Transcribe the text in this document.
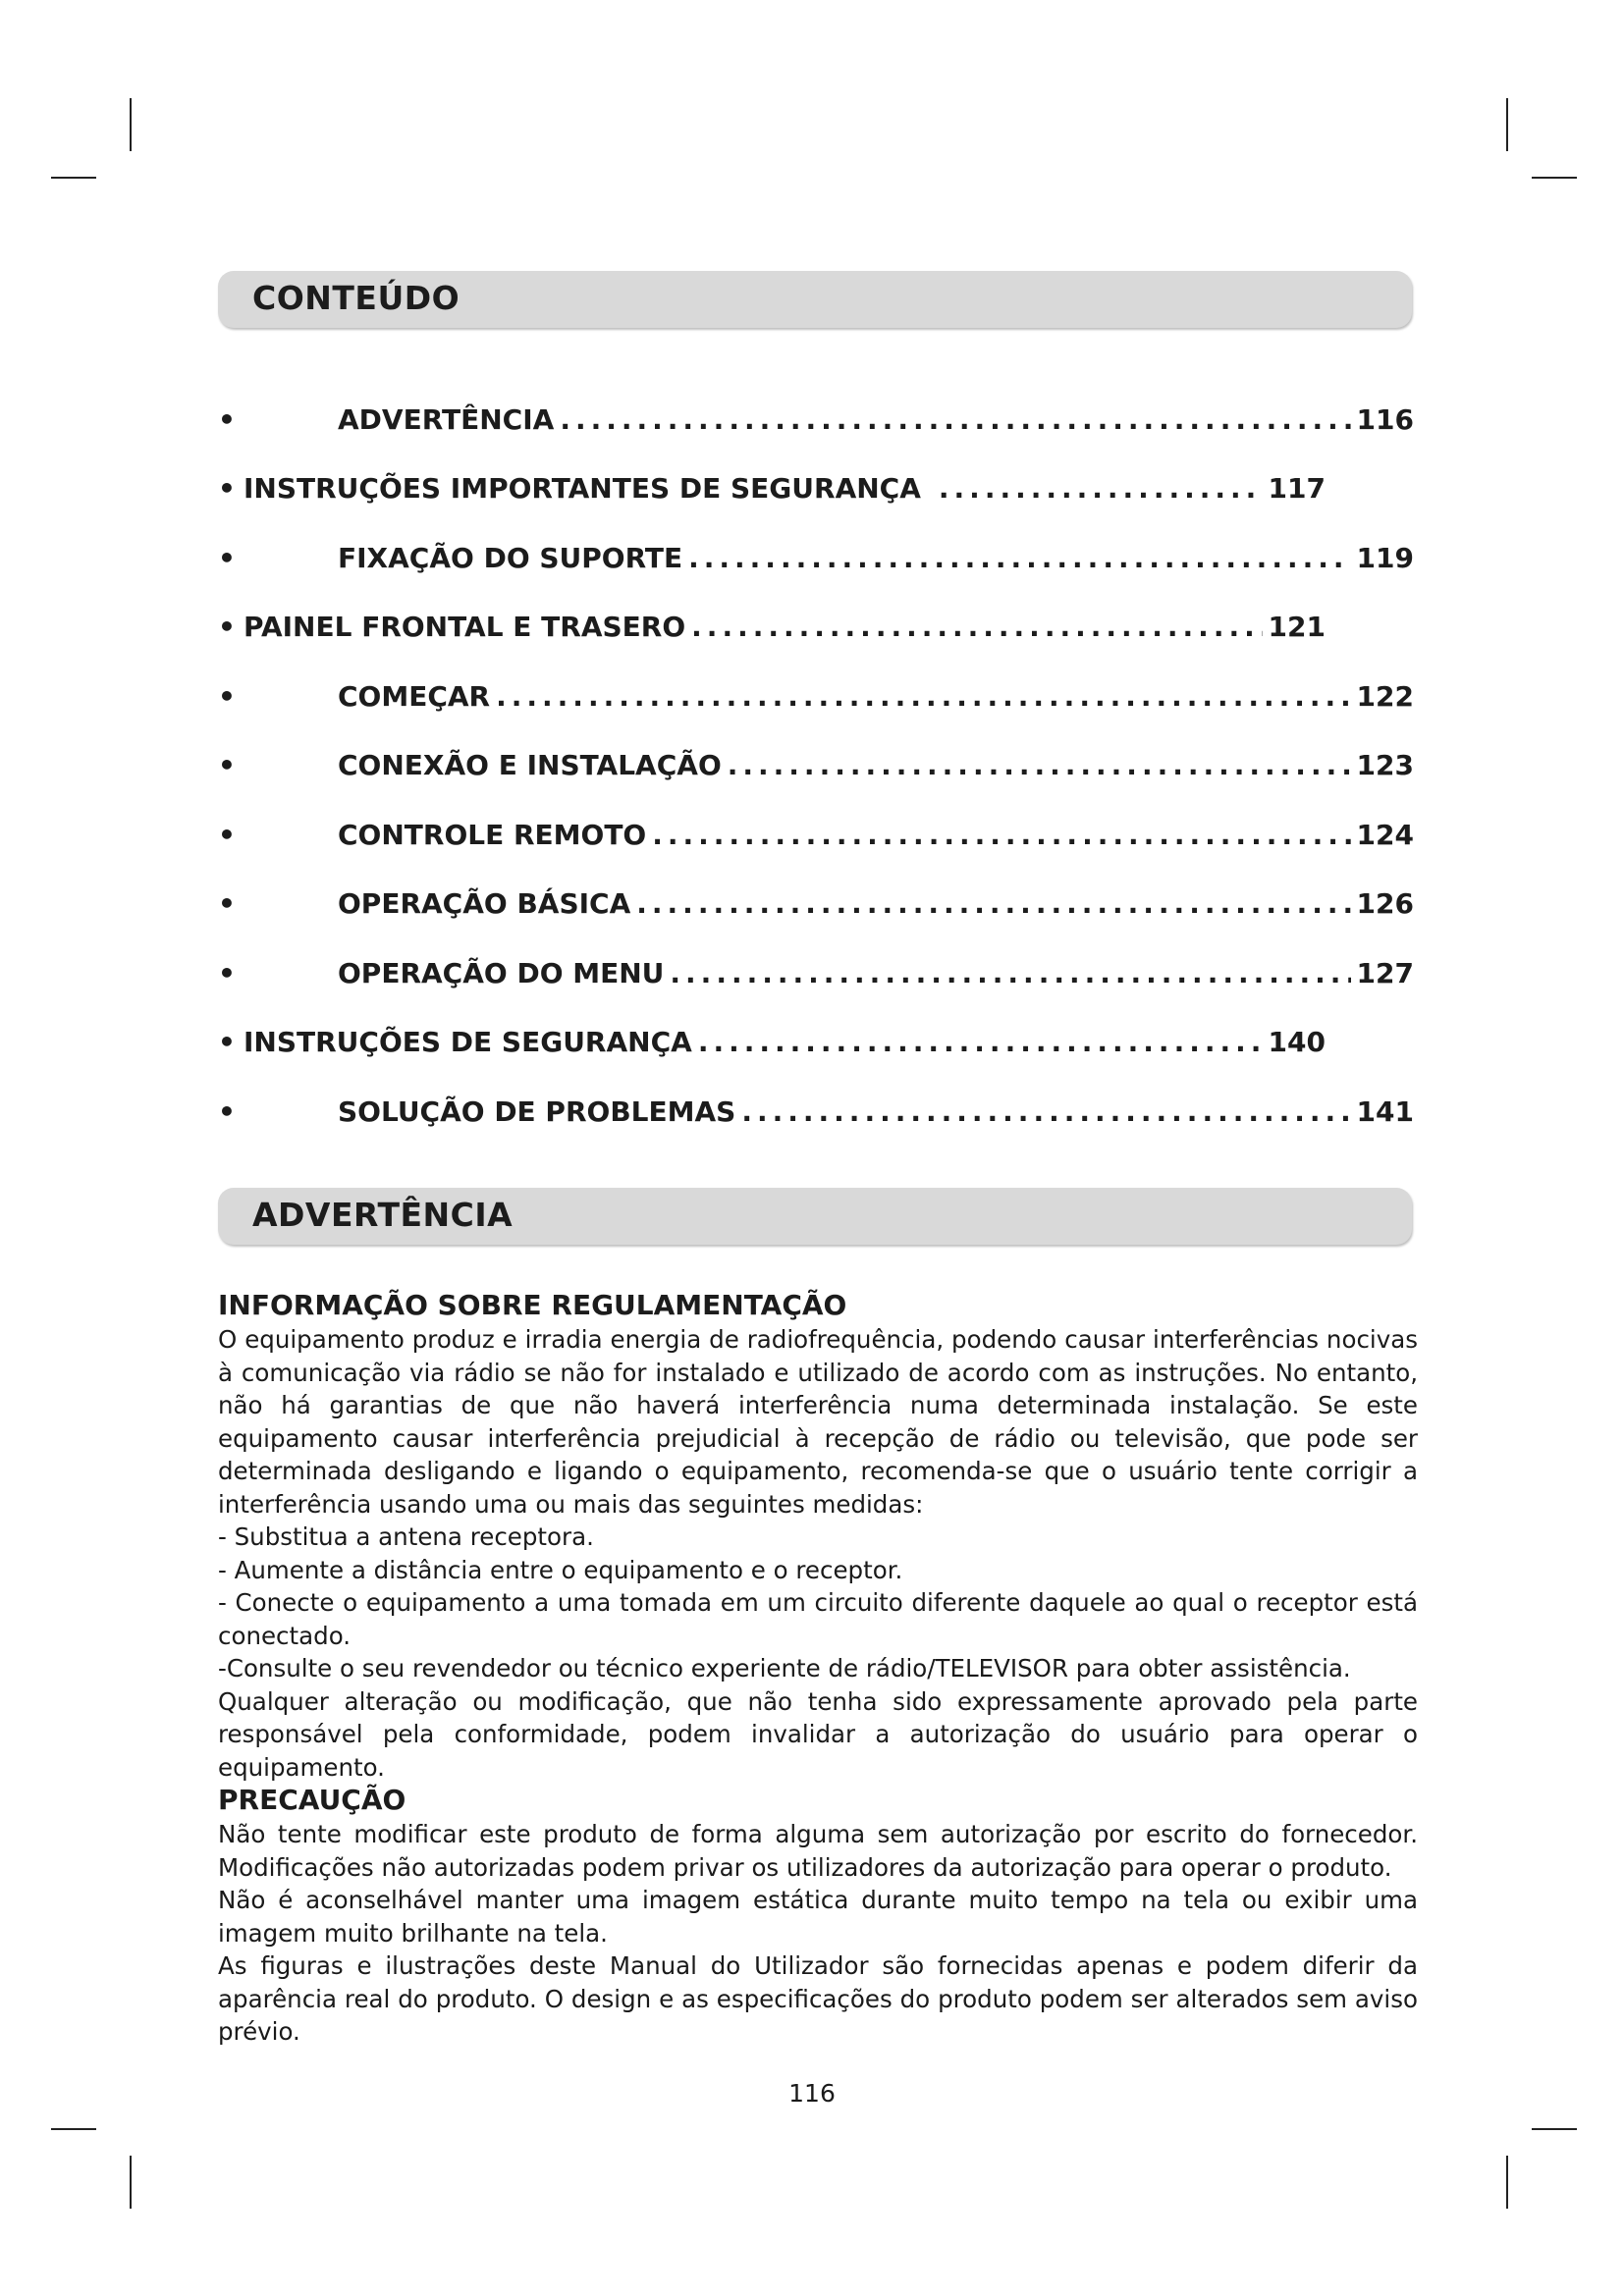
CONTEÚDO
•	ADVERTÊNCIA .....	116
• INSTRUÇÕES IMPORTANTES DE SEGURANÇA .....	117
•	FIXAÇÃO DO SUPORTE .....	119
• PAINEL FRONTAL E TRASERO .....	121
•	COMEÇAR .....	122
•	CONEXÃO E INSTALAÇÃO .....	123
•	CONTROLE REMOTO .....	124
•	OPERAÇÃO BÁSICA .....	126
•	OPERAÇÃO DO MENU .....	127
• INSTRUÇÕES DE SEGURANÇA .....	140
•	SOLUÇÃO DE PROBLEMAS .....	141
ADVERTÊNCIA
INFORMAÇÃO SOBRE REGULAMENTAÇÃO

O equipamento produz e irradia energia de radiofrequência, podendo causar interferências nocivas à comunicação via rádio se não for instalado e utilizado de acordo com as instruções. No entanto, não há garantias de que não haverá interferência numa determinada instalação. Se este equipamento causar interferência prejudicial à recepção de rádio ou televisão, que pode ser determinada desligando e ligando o equipamento, recomenda-se que o usuário tente corrigir a interferência usando uma ou mais das seguintes medidas:

- Substitua a antena receptora.

- Aumente a distância entre o equipamento e o receptor.

- Conecte o equipamento a uma tomada em um circuito diferente daquele ao qual o receptor está conectado.

-Consulte o seu revendedor ou técnico experiente de rádio/TELEVISOR para obter assistência.

Qualquer alteração ou modificação, que não tenha sido expressamente aprovado pela parte responsável pela conformidade, podem invalidar a autorização do usuário para operar o equipamento.

PRECAUÇÃO

Não tente modificar este produto de forma alguma sem autorização por escrito do fornecedor. Modificações não autorizadas podem privar os utilizadores da autorização para operar o produto.

Não é aconselhável manter uma imagem estática durante muito tempo na tela ou exibir uma imagem muito brilhante na tela.

As figuras e ilustrações deste Manual do Utilizador são fornecidas apenas e podem diferir da aparência real do produto. O design e as especificações do produto podem ser alterados sem aviso prévio.

116
